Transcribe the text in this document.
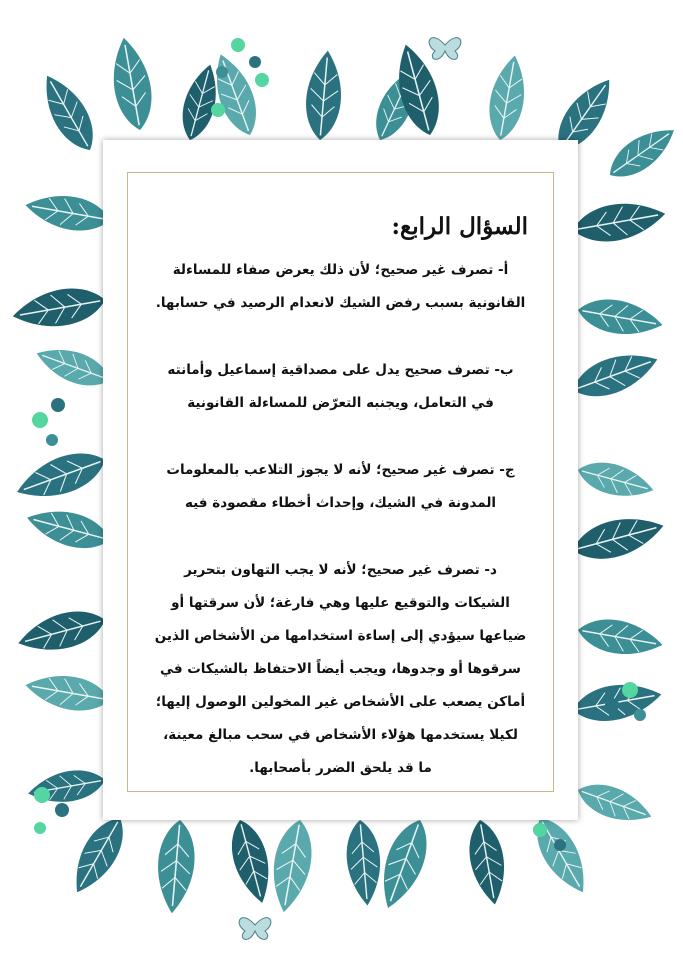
السؤال الرابع:
أ- تصرف غير صحيح؛ لأن ذلك يعرض صفاء للمساءلة
القانونية بسبب رفض الشيك لانعدام الرصيد في حسابها.
ب- تصرف صحيح يدل على مصداقية إسماعيل وأمانته
في التعامل، ويجنبه التعرّض للمساءلة القانونية
ج- تصرف غير صحيح؛ لأنه لا يجوز التلاعب بالمعلومات
المدونة في الشيك، وإحداث أخطاء مقصودة فيه
د- تصرف غير صحيح؛ لأنه لا يجب التهاون بتحرير
الشيكات والتوقيع عليها وهي فارغة؛ لأن سرقتها أو
ضياعها سيؤدي إلى إساءة استخدامها من الأشخاص الذين
سرقوها أو وجدوها، ويجب أيضاً الاحتفاظ بالشيكات في
أماكن يصعب على الأشخاص غير المخولين الوصول إليها؛
لكيلا يستخدمها هؤلاء الأشخاص في سحب مبالغ معينة،
ما قد يلحق الضرر بأصحابها.
